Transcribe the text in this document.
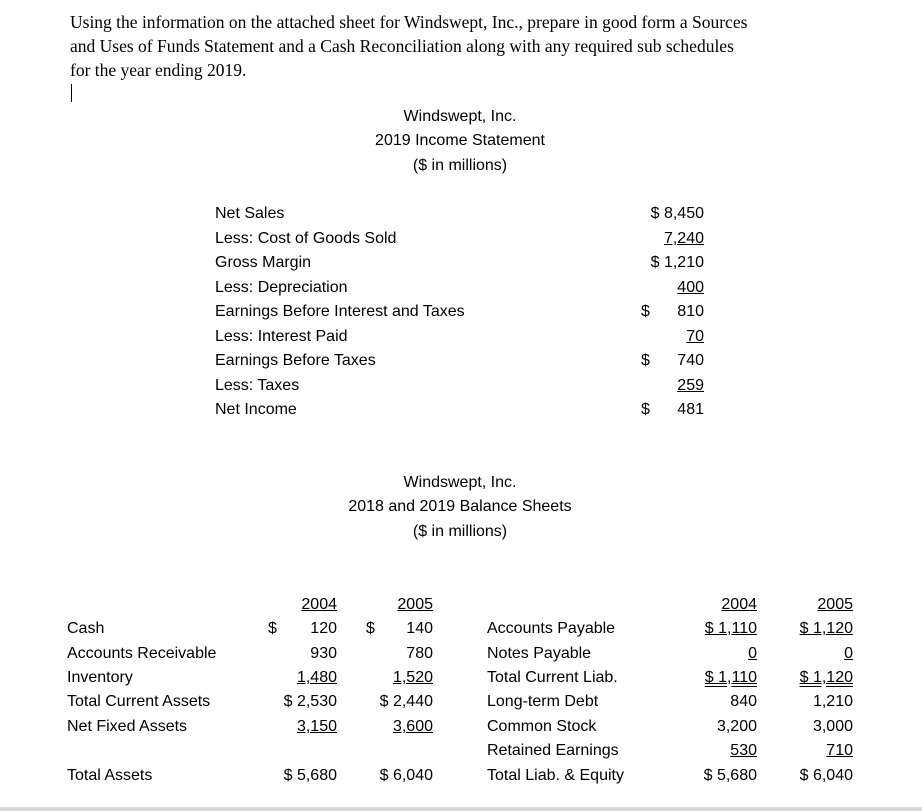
Using the information on the attached sheet for Windswept, Inc., prepare in good form a Sources
and Uses of Funds Statement and a Cash Reconciliation along with any required sub schedules
for the year ending 2019.
Windswept, Inc.
2019 Income Statement
($ in millions)
Net Sales	$ 8,450
Less: Cost of Goods Sold	7,240
Gross Margin	$ 1,210
Less: Depreciation	400
Earnings Before Interest and Taxes	$ 810
Less: Interest Paid	70
Earnings Before Taxes	$ 740
Less: Taxes	259
Net Income	$ 481
Windswept, Inc.
2018 and 2019 Balance Sheets
($ in millions)
2004	2005
Cash	$ 120 $ 140
Accounts Receivable	930	780
Inventory	1,480	1,520
Total Current Assets	$ 2,530	$ 2,440
Net Fixed Assets	3,150	3,600
Total Assets	$ 5,680	$ 6,040
2004	2005
Accounts Payable	$ 1,110	$ 1,120
Notes Payable	0	0
Total Current Liab.	$ 1,110	$ 1,120
Long-term Debt	840	1,210
Common Stock	3,200	3,000
Retained Earnings	530	710
Total Liab. & Equity	$ 5,680	$ 6,040
